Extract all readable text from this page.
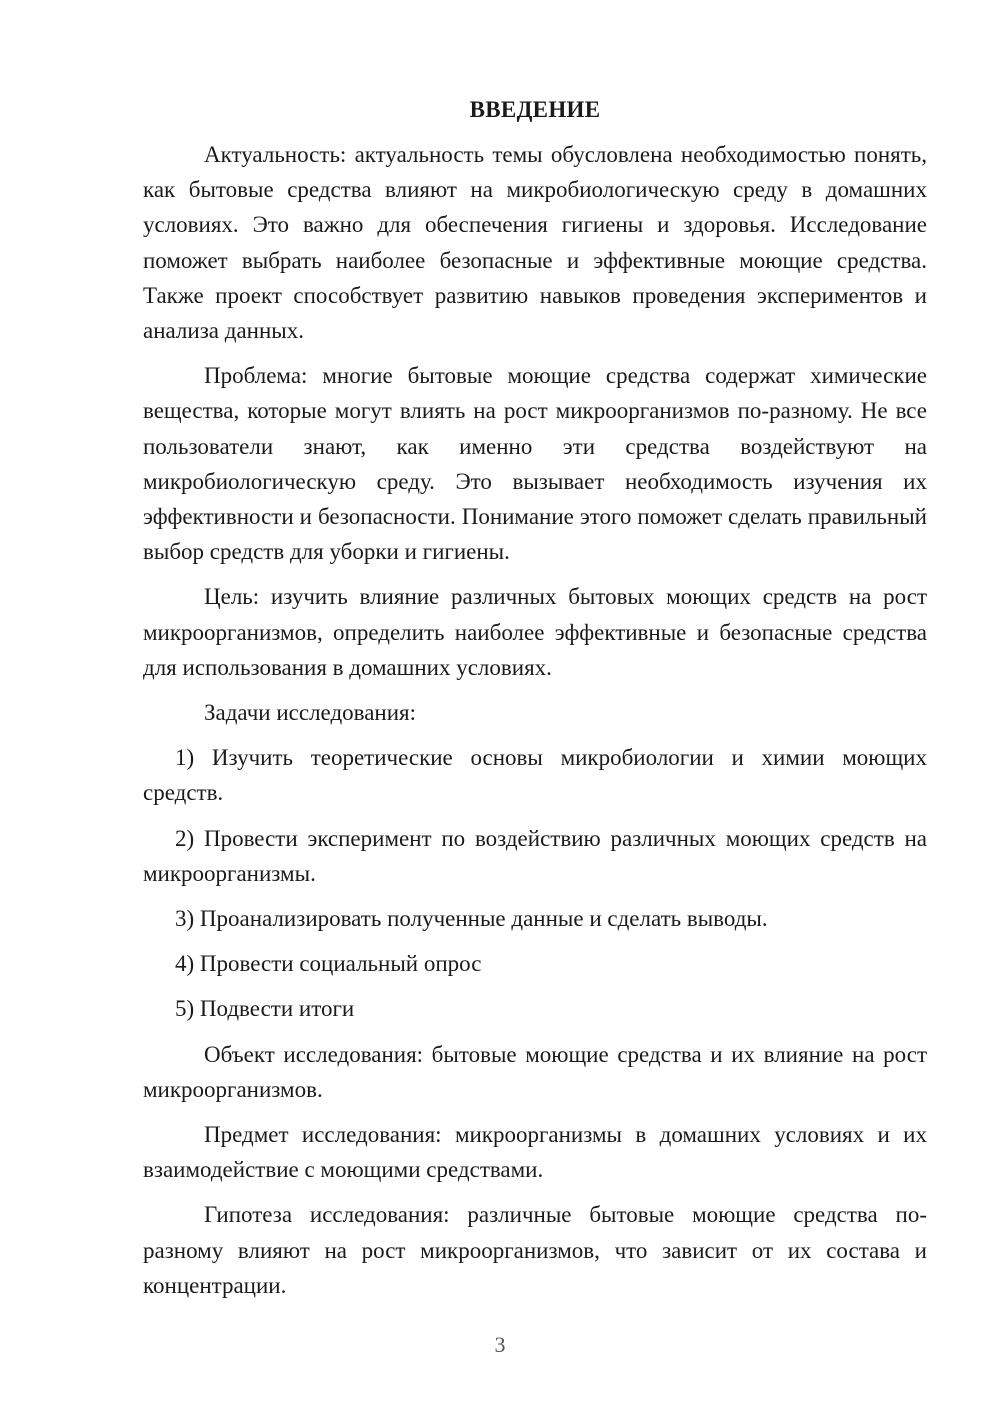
ВВЕДЕНИЕ

Актуальность: актуальность темы обусловлена необходимостью понять, как бытовые средства влияют на микробиологическую среду в домашних условиях. Это важно для обеспечения гигиены и здоровья. Исследование поможет выбрать наиболее безопасные и эффективные моющие средства. Также проект способствует развитию навыков проведения экспериментов и анализа данных.

Проблема: многие бытовые моющие средства содержат химические вещества, которые могут влиять на рост микроорганизмов по-разному. Не все пользователи знают, как именно эти средства воздействуют на микробиологическую среду. Это вызывает необходимость изучения их эффективности и безопасности. Понимание этого поможет сделать правильный выбор средств для уборки и гигиены.

Цель: изучить влияние различных бытовых моющих средств на рост микроорганизмов, определить наиболее эффективные и безопасные средства для использования в домашних условиях.

Задачи исследования:

1) Изучить теоретические основы микробиологии и химии моющих средств.
2) Провести эксперимент по воздействию различных моющих средств на микроорганизмы.
3) Проанализировать полученные данные и сделать выводы.
4) Провести социальный опрос
5) Подвести итоги

Объект исследования: бытовые моющие средства и их влияние на рост микроорганизмов.

Предмет исследования: микроорганизмы в домашних условиях и их взаимодействие с моющими средствами.

Гипотеза исследования: различные бытовые моющие средства по-разному влияют на рост микроорганизмов, что зависит от их состава и концентрации.

3
